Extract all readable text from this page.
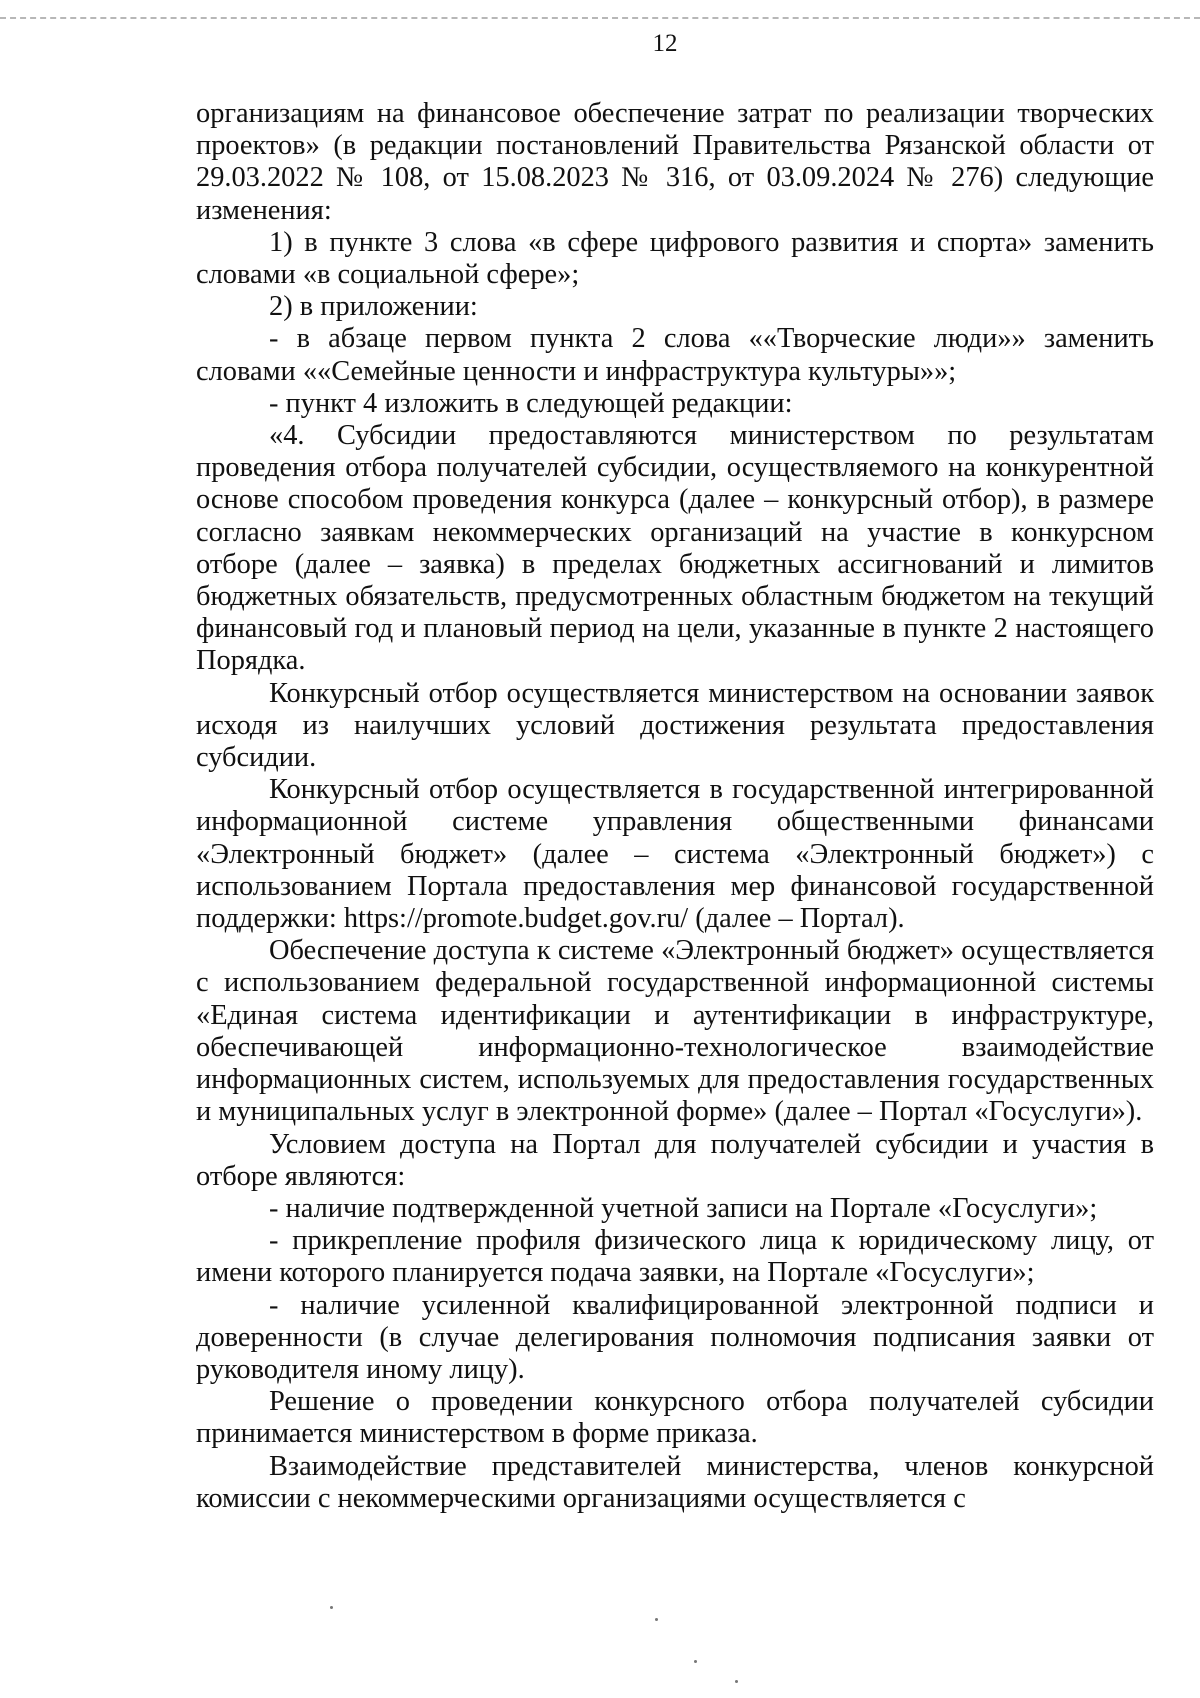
12

организациям на финансовое обеспечение затрат по реализации творческих проектов» (в редакции постановлений Правительства Рязанской области от 29.03.2022 № 108, от 15.08.2023 № 316, от 03.09.2024 № 276) следующие изменения:

1) в пункте 3 слова «в сфере цифрового развития и спорта» заменить словами «в социальной сфере»;

2) в приложении:

- в абзаце первом пункта 2 слова ««Творческие люди»» заменить словами ««Семейные ценности и инфраструктура культуры»»;

- пункт 4 изложить в следующей редакции:

«4. Субсидии предоставляются министерством по результатам проведения отбора получателей субсидии, осуществляемого на конкурентной основе способом проведения конкурса (далее – конкурсный отбор), в размере согласно заявкам некоммерческих организаций на участие в конкурсном отборе (далее – заявка) в пределах бюджетных ассигнований и лимитов бюджетных обязательств, предусмотренных областным бюджетом на текущий финансовый год и плановый период на цели, указанные в пункте 2 настоящего Порядка.

Конкурсный отбор осуществляется министерством на основании заявок исходя из наилучших условий достижения результата предоставления субсидии.

Конкурсный отбор осуществляется в государственной интегрированной информационной системе управления общественными финансами «Электронный бюджет» (далее – система «Электронный бюджет») с использованием Портала предоставления мер финансовой государственной поддержки: https://promote.budget.gov.ru/ (далее – Портал).

Обеспечение доступа к системе «Электронный бюджет» осуществляется с использованием федеральной государственной информационной системы «Единая система идентификации и аутентификации в инфраструктуре, обеспечивающей информационно-технологическое взаимодействие информационных систем, используемых для предоставления государственных и муниципальных услуг в электронной форме» (далее – Портал «Госуслуги»).

Условием доступа на Портал для получателей субсидии и участия в отборе являются:

- наличие подтвержденной учетной записи на Портале «Госуслуги»;

- прикрепление профиля физического лица к юридическому лицу, от имени которого планируется подача заявки, на Портале «Госуслуги»;

- наличие усиленной квалифицированной электронной подписи и доверенности (в случае делегирования полномочия подписания заявки от руководителя иному лицу).

Решение о проведении конкурсного отбора получателей субсидии принимается министерством в форме приказа.

Взаимодействие представителей министерства, членов конкурсной комиссии с некоммерческими организациями осуществляется с
